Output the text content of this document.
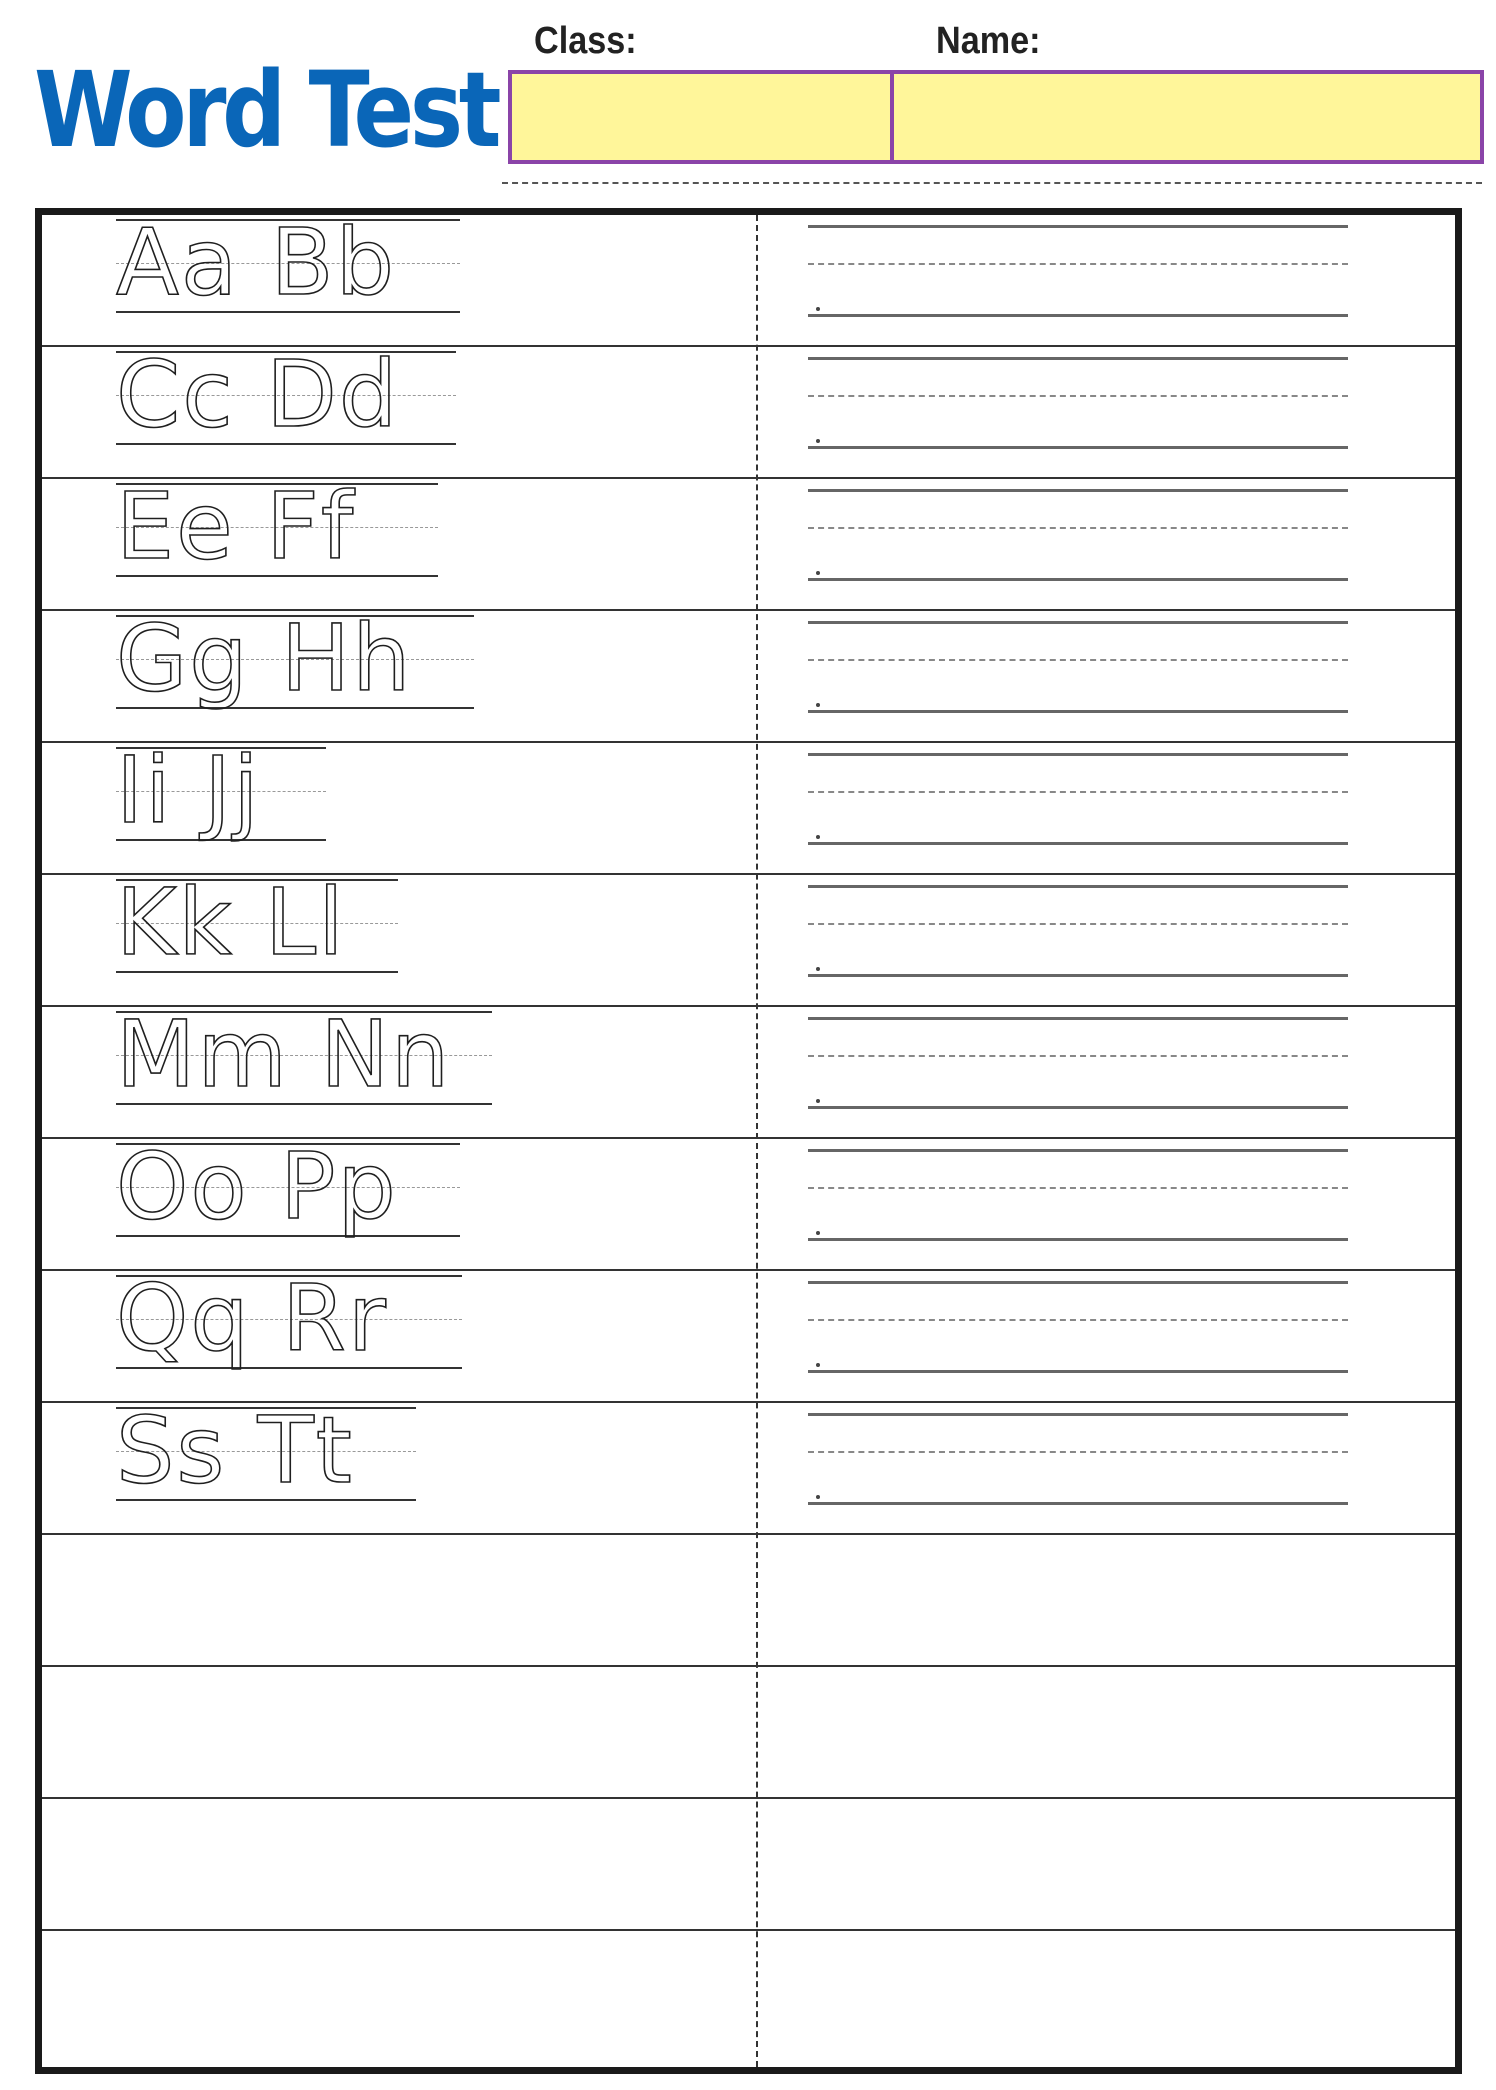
Word Test
Class:	Name:
Aa Bb
Cc Dd
Ee Ff
Gg Hh
Ii Jj
Kk Ll
Mm Nn
Oo Pp
Qq Rr
Ss Tt
